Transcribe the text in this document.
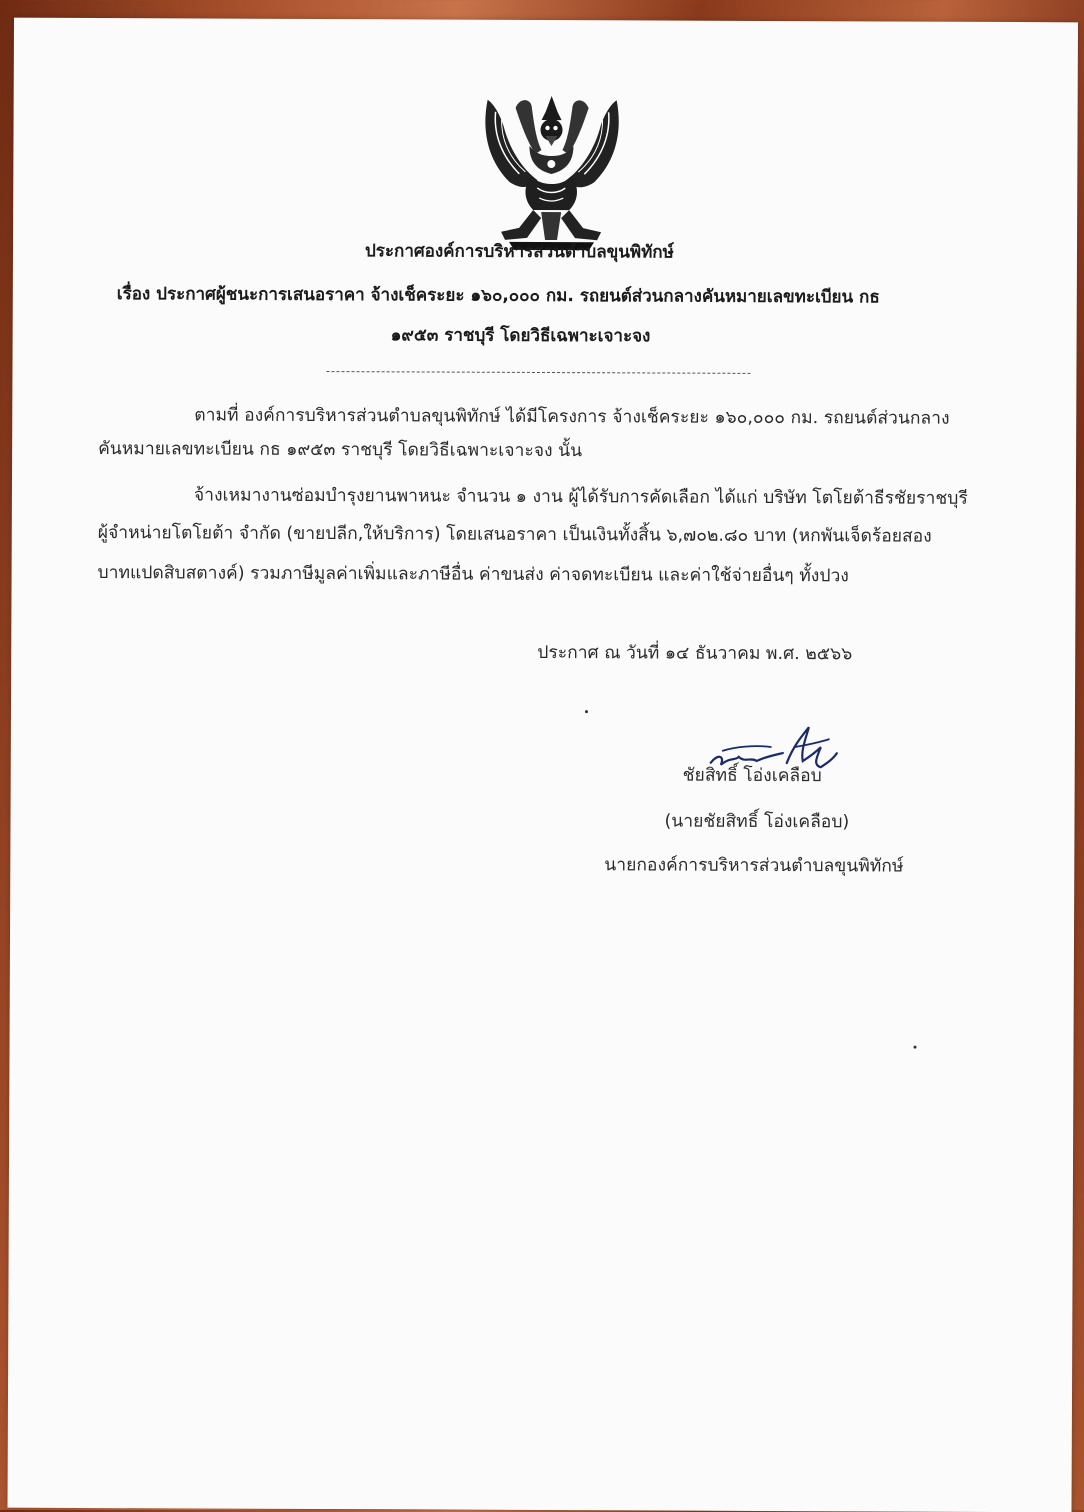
ประกาศองค์การบริหารส่วนตำบลขุนพิทักษ์
เรื่อง ประกาศผู้ชนะการเสนอราคา จ้างเช็คระยะ ๑๖๐,๐๐๐ กม. รถยนต์ส่วนกลางคันหมายเลขทะเบียน กธ
๑๙๕๓ ราชบุรี โดยวิธีเฉพาะเจาะจง
ตามที่ องค์การบริหารส่วนตำบลขุนพิทักษ์ ได้มีโครงการ จ้างเช็คระยะ ๑๖๐,๐๐๐ กม. รถยนต์ส่วนกลาง
คันหมายเลขทะเบียน กธ ๑๙๕๓ ราชบุรี โดยวิธีเฉพาะเจาะจง นั้น
จ้างเหมางานซ่อมบำรุงยานพาหนะ จำนวน ๑ งาน ผู้ได้รับการคัดเลือก ได้แก่ บริษัท โตโยต้าธีรชัยราชบุรี
ผู้จำหน่ายโตโยต้า จำกัด (ขายปลีก,ให้บริการ) โดยเสนอราคา เป็นเงินทั้งสิ้น ๖,๗๐๒.๘๐ บาท (หกพันเจ็ดร้อยสอง
บาทแปดสิบสตางค์) รวมภาษีมูลค่าเพิ่มและภาษีอื่น ค่าขนส่ง ค่าจดทะเบียน และค่าใช้จ่ายอื่นๆ ทั้งปวง
ประกาศ ณ วันที่ ๑๔ ธันวาคม พ.ศ. ๒๕๖๖
ชัยสิทธิ์ โอ่งเคลือบ
(นายชัยสิทธิ์ โอ่งเคลือบ)
นายกองค์การบริหารส่วนตำบลขุนพิทักษ์
